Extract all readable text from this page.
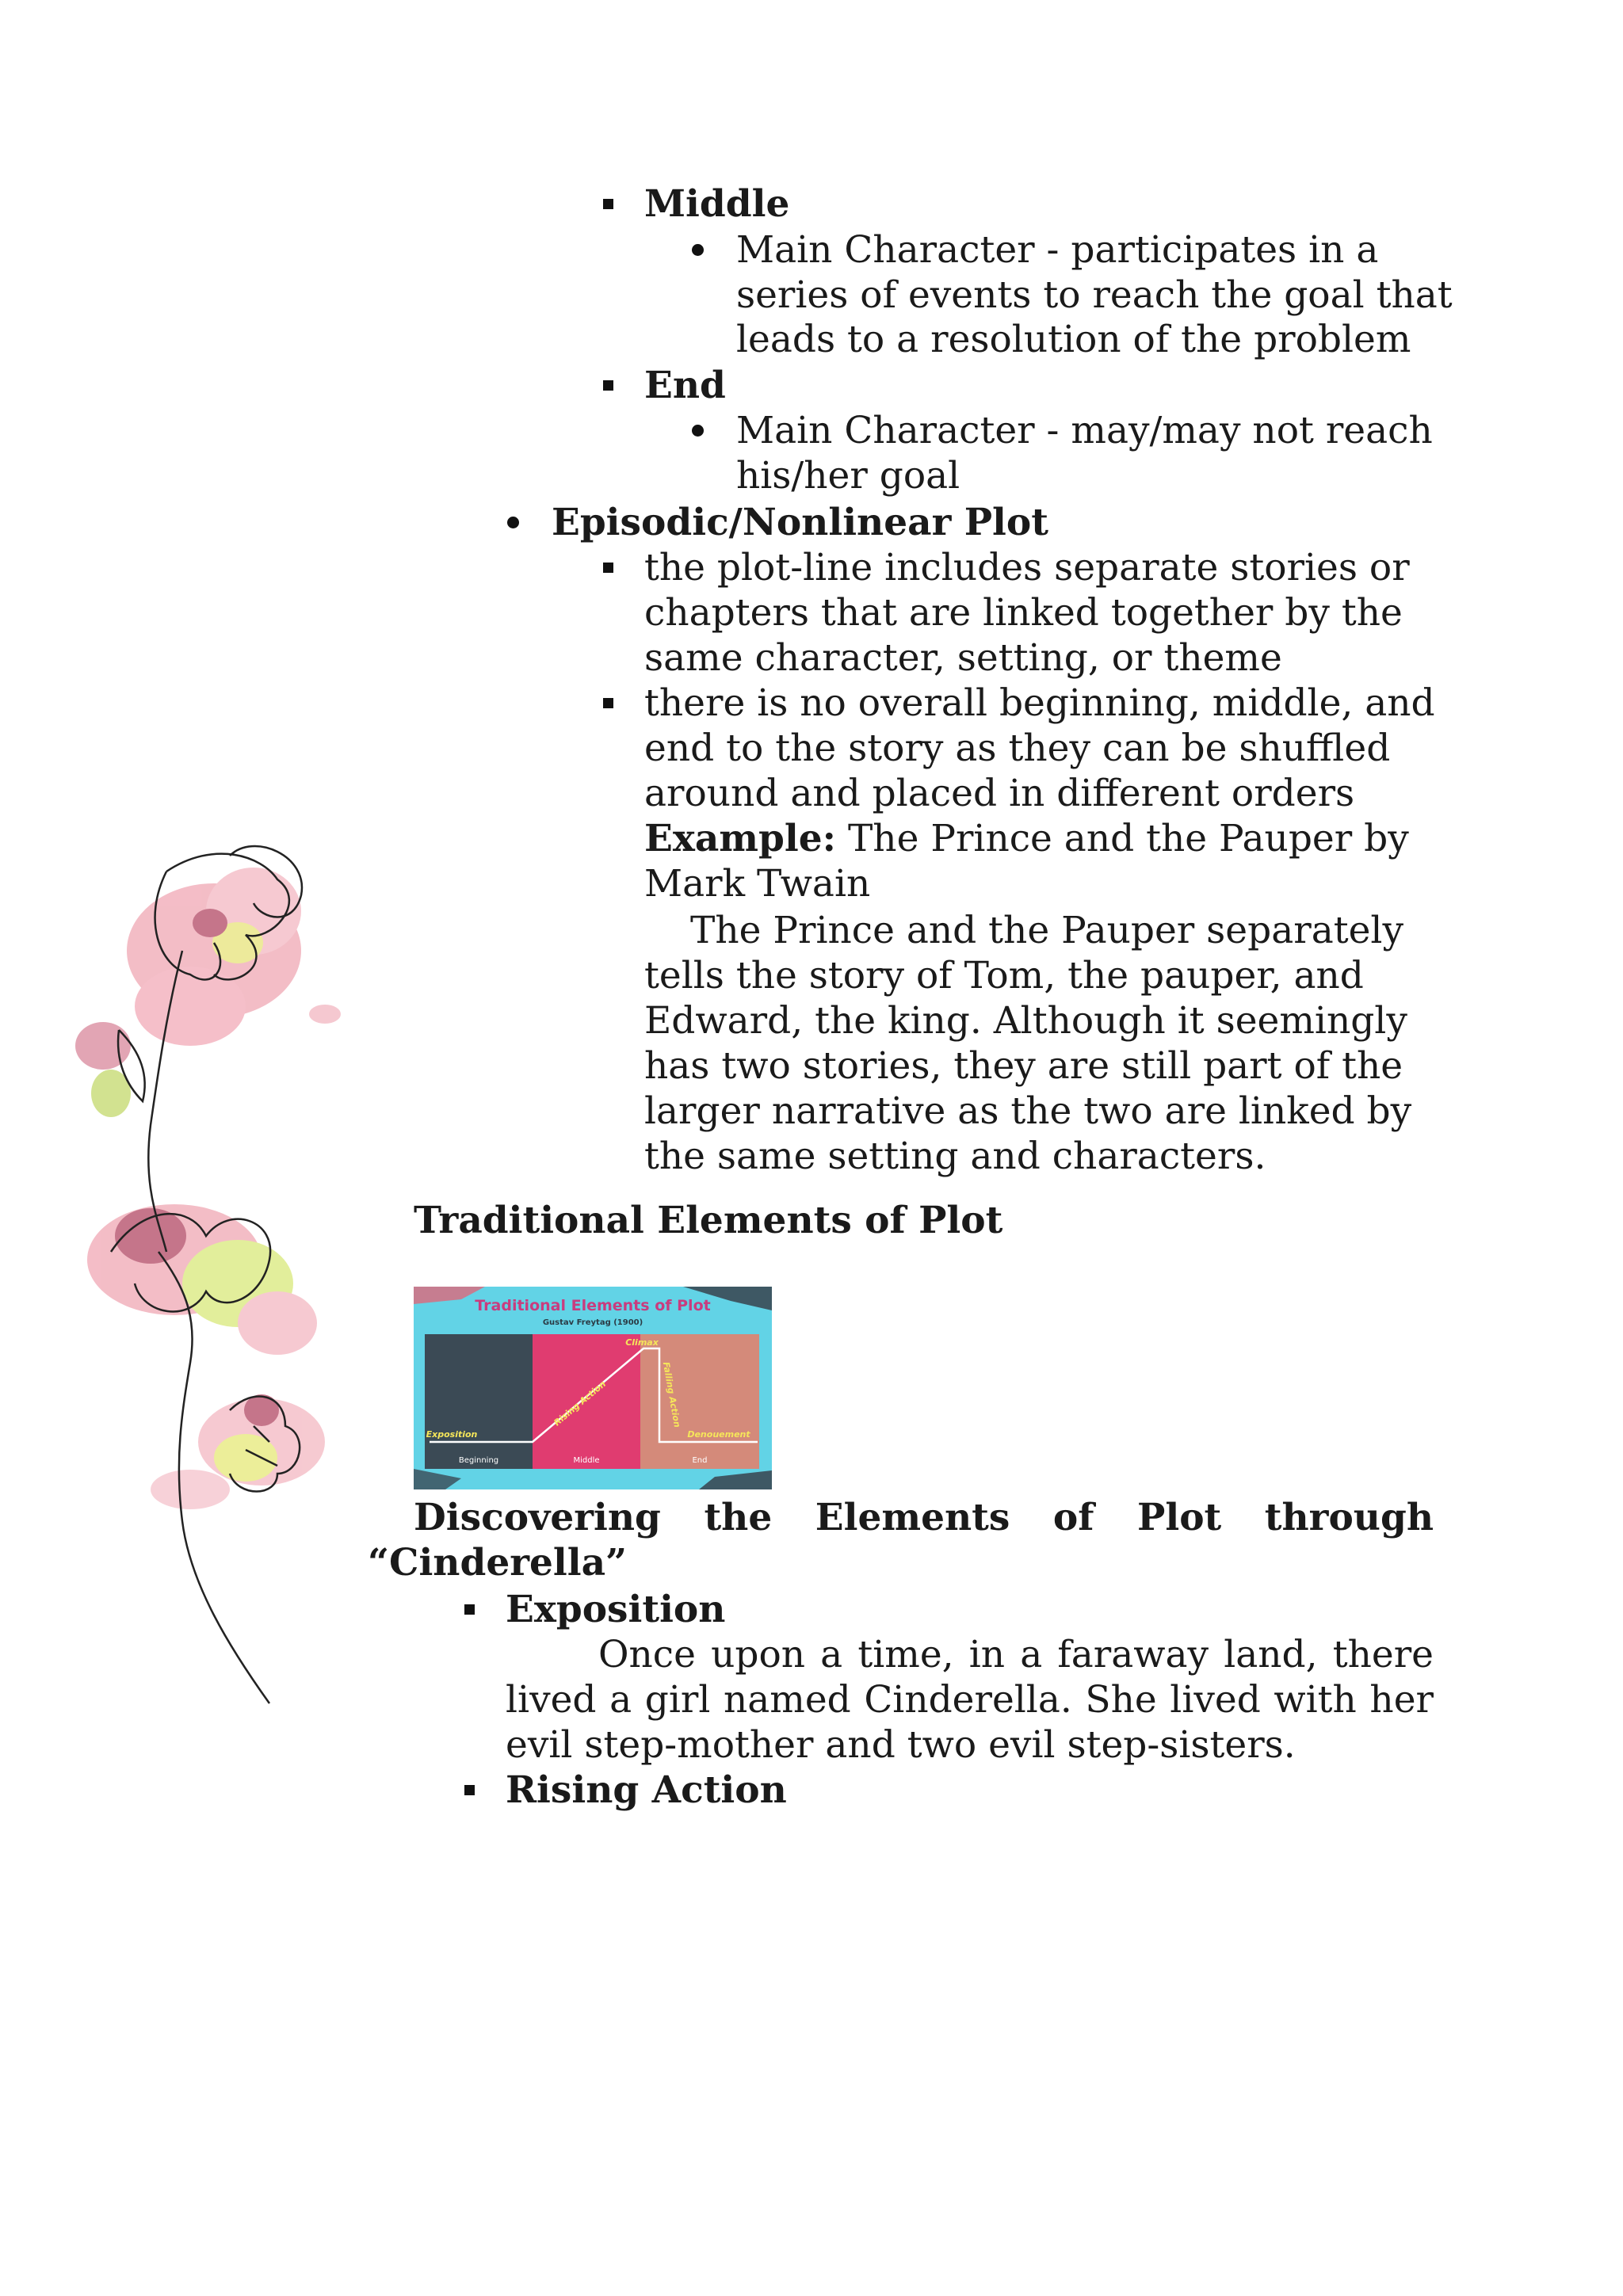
Middle
Main Character - participates in a
series of events to reach the goal that
leads to a resolution of the problem
End
Main Character - may/may not reach
his/her goal
Episodic/Nonlinear Plot
the plot-line includes separate stories or
chapters that are linked together by the
same character, setting, or theme
there is no overall beginning, middle, and
end to the story as they can be shuffled
around and placed in different orders
Example: The Prince and the Pauper by
Mark Twain
The Prince and the Pauper separately
tells the story of Tom, the pauper, and
Edward, the king. Although it seemingly
has two stories, they are still part of the
larger narrative as the two are linked by
the same setting and characters.
Traditional Elements of Plot
Traditional Elements of Plot
Gustav Freytag (1900)
Exposition
Rising Action
Climax
Falling Action
Denouement
Beginning	Middle	End
Discovering the Elements of Plot through
“Cinderella”
Exposition
Once upon a time, in a faraway land, there
lived a girl named Cinderella. She lived with her
evil step-mother and two evil step-sisters.
Rising Action
